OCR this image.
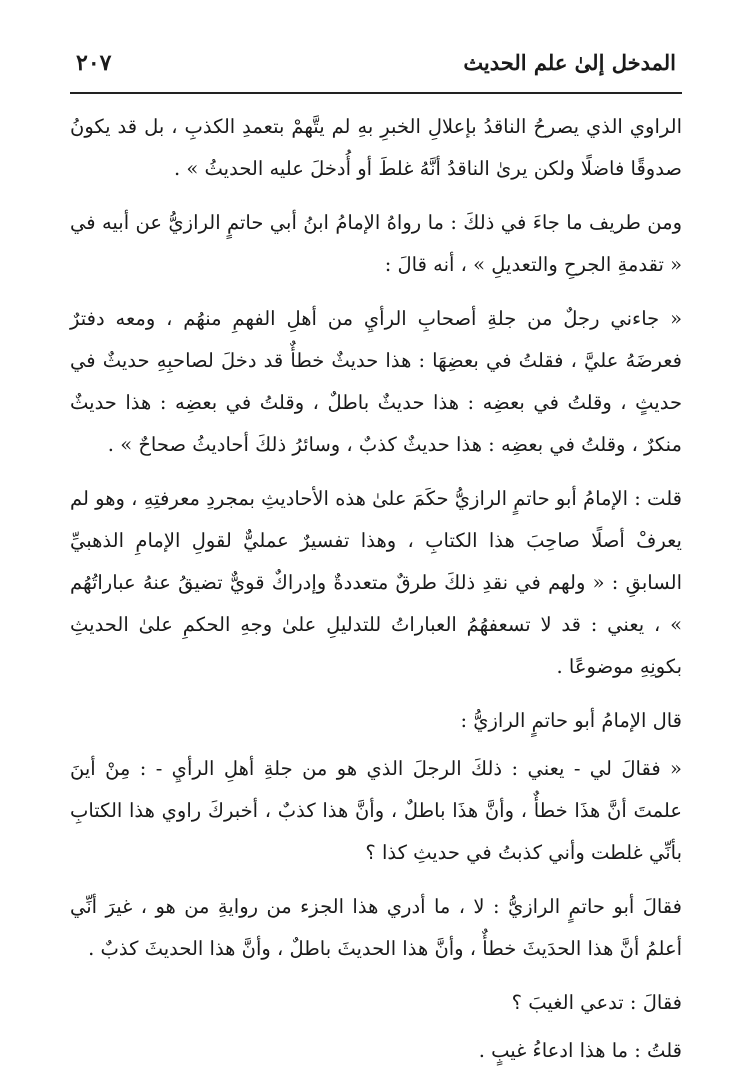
المدخل إلىٰ علم الحديث
٢٠٧

الراوي الذي يصرحُ الناقدُ بإعلالِ الخبرِ بهِ لم يتَّهمْ بتعمدِ الكذبِ ، بل قد يكونُ صدوقًا فاضلًا ولكن يرىٰ الناقدُ أنَّهُ غلطَ أو أُدخلَ عليه الحديثُ » .

ومن طريف ما جاءَ في ذلكَ : ما رواهُ الإمامُ ابنُ أبي حاتمٍ الرازيُّ عن أبيه في « تقدمةِ الجرحِ والتعديلِ » ، أنه قالَ :

« جاءني رجلٌ من جلةِ أصحابِ الرأيِ من أهلِ الفهمِ منهُم ، ومعه دفترٌ فعرضَهُ عليَّ ، فقلتُ في بعضِهَا : هذا حديثٌ خطأٌ قد دخلَ لصاحبِهِ حديثٌ في حديثٍ ، وقلتُ في بعضِه : هذا حديثٌ باطلٌ ، وقلتُ في بعضِه : هذا حديثٌ منكرٌ ، وقلتُ في بعضِه : هذا حديثٌ كذبٌ ، وسائرُ ذلكَ أحاديثُ صحاحٌ » .

قلت : الإمامُ أبو حاتمٍ الرازيُّ حكَمَ علىٰ هذه الأحاديثِ بمجردِ معرفتِهِ ، وهو لم يعرفْ أصلًا صاحِبَ هذا الكتابِ ، وهذا تفسيرٌ عمليٌّ لقولِ الإمامِ الذهبيِّ السابقِ : « ولهم في نقدِ ذلكَ طرقٌ متعددةٌ وإدراكٌ قويٌّ تضيقُ عنهُ عباراتُهُم » ، يعني : قد لا تسعفهُمُ العباراتُ للتدليلِ علىٰ وجهِ الحكمِ علىٰ الحديثِ بكونِهِ موضوعًا .

قال الإمامُ أبو حاتمٍ الرازيُّ :

« فقالَ لي - يعني : ذلكَ الرجلَ الذي هو من جلةِ أهلِ الرأيِ - : مِنْ أينَ علمتَ أنَّ هذَا خطأٌ ، وأنَّ هذَا باطلٌ ، وأنَّ هذا كذبٌ ، أخبركَ راوي هذا الكتابِ بأنِّي غلطت وأني كذبتُ في حديثِ كذا ؟

فقالَ أبو حاتمٍ الرازيُّ : لا ، ما أدري هذا الجزء من روايةِ من هو ، غيرَ أنِّي أعلمُ أنَّ هذا الحدَيثَ خطأٌ ، وأنَّ هذا الحديثَ باطلٌ ، وأنَّ هذا الحديثَ كذبٌ .

فقالَ : تدعي الغيبَ ؟

قلتُ : ما هذا ادعاءُ غيبٍ .
